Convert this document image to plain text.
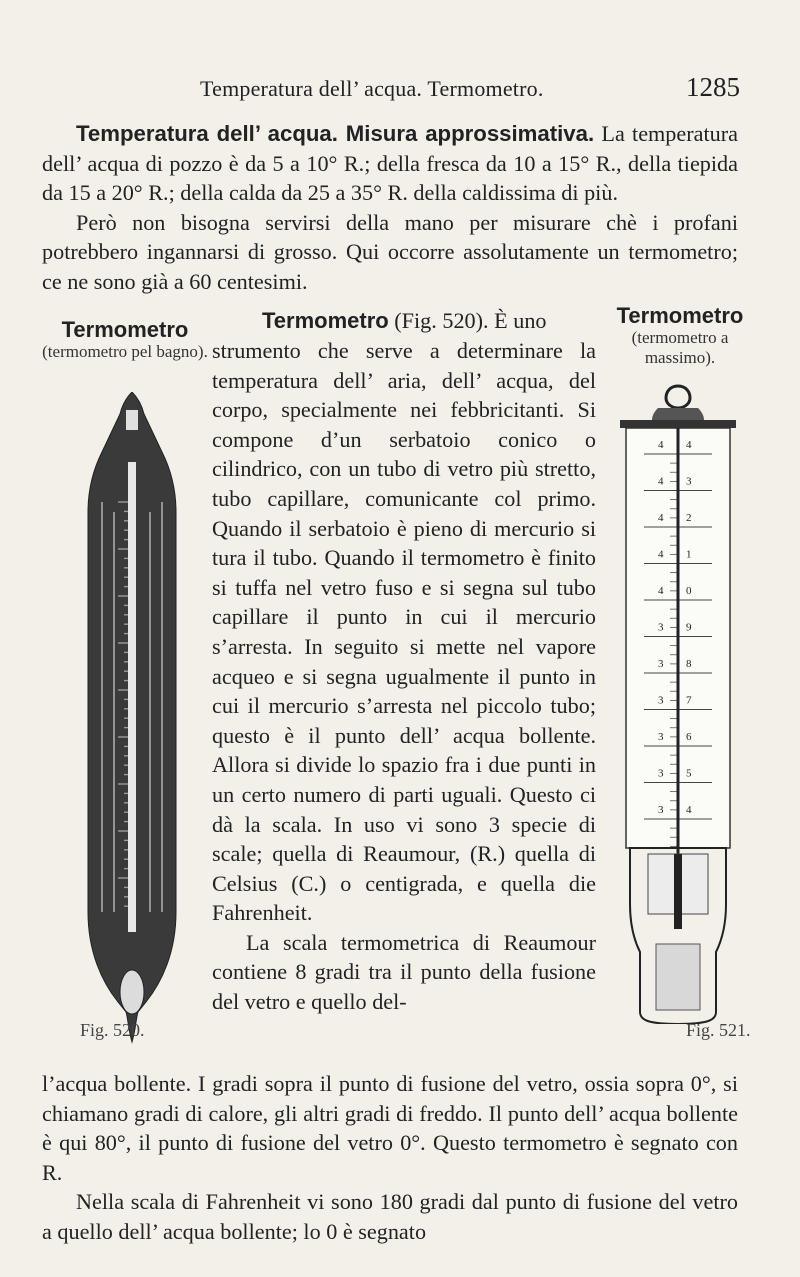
Temperatura dell’ acqua. Termometro.	1285

Temperatura dell’ acqua. Misura approssimativa. La temperatura dell’ acqua di pozzo è da 5 a 10° R.; della fresca da 10 a 15° R., della tiepida da 15 a 20° R.; della calda da 25 a 35° R. della caldissima di più.

Però non bisogna servirsi della mano per misurare chè i profani potrebbero ingannarsi di grosso. Qui occorre assolutamente un termometro; ce ne sono già a 60 centesimi.

Termometro (Fig. 520). È uno

strumento che serve a determinare la temperatura dell’ aria, dell’ acqua, del corpo, specialmente nei febbricitanti. Si compone d’un serbatoio conico o cilindrico, con un tubo di vetro più stretto, tubo capillare, comunicante col primo. Quando il serbatoio è pieno di mercurio si tura il tubo. Quando il termometro è finito si tuffa nel vetro fuso e si segna sul tubo capillare il punto in cui il mercurio s’arresta. In seguito si mette nel vapore acqueo e si segna ugualmente il punto in cui il mercurio s’arresta nel piccolo tubo; questo è il punto dell’ acqua bollente. Allora si divide lo spazio fra i due punti in un certo numero di parti uguali. Questo ci dà la scala. In uso vi sono 3 specie di scale; quella di Reaumour, (R.) quella di Celsius (C.) o centigrada, e quella die Fahrenheit.

La scala termometrica di Reaumour contiene 8 gradi tra il punto della fusione del vetro e quello del-

Termometro
(termometro pel bagno).
Termometro
(termometro a massimo).
Fig. 520.
4 4
4 3
4 2
4 1
4 0
3 9
3 8
3 7
3 6
3 5
3 4
Fig. 521.

l’acqua bollente. I gradi sopra il punto di fusione del vetro, ossia sopra 0°, si chiamano gradi di calore, gli altri gradi di freddo. Il punto dell’ acqua bollente è qui 80°, il punto di fusione del vetro 0°. Questo termometro è segnato con R.

Nella scala di Fahrenheit vi sono 180 gradi dal punto di fusione del vetro a quello dell’ acqua bollente; lo 0 è segnato
